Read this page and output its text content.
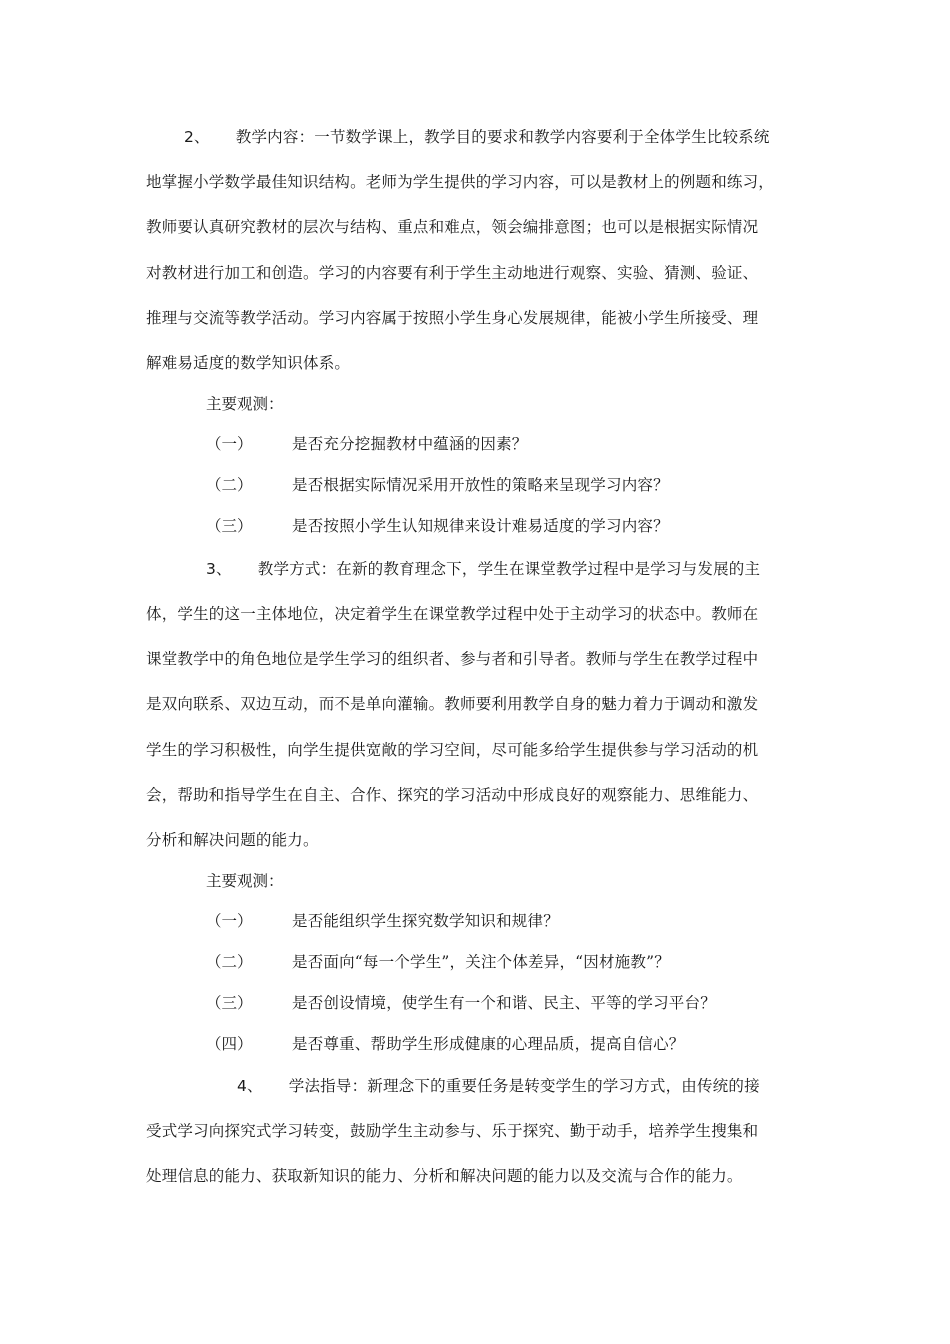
2、 教学内容：一节数学课上，教学目的要求和教学内容要利于全体学生比较系统
地掌握小学数学最佳知识结构。老师为学生提供的学习内容，可以是教材上的例题和练习，
教师要认真研究教材的层次与结构、重点和难点，领会编排意图；也可以是根据实际情况
对教材进行加工和创造。学习的内容要有利于学生主动地进行观察、实验、猜测、验证、
推理与交流等教学活动。学习内容属于按照小学生身心发展规律，能被小学生所接受、理
解难易适度的数学知识体系。
主要观测：
（一）	是否充分挖掘教材中蕴涵的因素？
（二）	是否根据实际情况采用开放性的策略来呈现学习内容？
（三）	是否按照小学生认知规律来设计难易适度的学习内容？
3、 教学方式：在新的教育理念下，学生在课堂教学过程中是学习与发展的主
体，学生的这一主体地位，决定着学生在课堂教学过程中处于主动学习的状态中。教师在
课堂教学中的角色地位是学生学习的组织者、参与者和引导者。教师与学生在教学过程中
是双向联系、双边互动，而不是单向灌输。教师要利用教学自身的魅力着力于调动和激发
学生的学习积极性，向学生提供宽敞的学习空间，尽可能多给学生提供参与学习活动的机
会，帮助和指导学生在自主、合作、探究的学习活动中形成良好的观察能力、思维能力、
分析和解决问题的能力。
主要观测：
（一）	是否能组织学生探究数学知识和规律？
（二）	是否面向“每一个学生”，关注个体差异，“因材施教”？
（三）	是否创设情境，使学生有一个和谐、民主、平等的学习平台？
（四）	是否尊重、帮助学生形成健康的心理品质，提高自信心？
4、 学法指导：新理念下的重要任务是转变学生的学习方式，由传统的接
受式学习向探究式学习转变，鼓励学生主动参与、乐于探究、勤于动手，培养学生搜集和
处理信息的能力、获取新知识的能力、分析和解决问题的能力以及交流与合作的能力。
